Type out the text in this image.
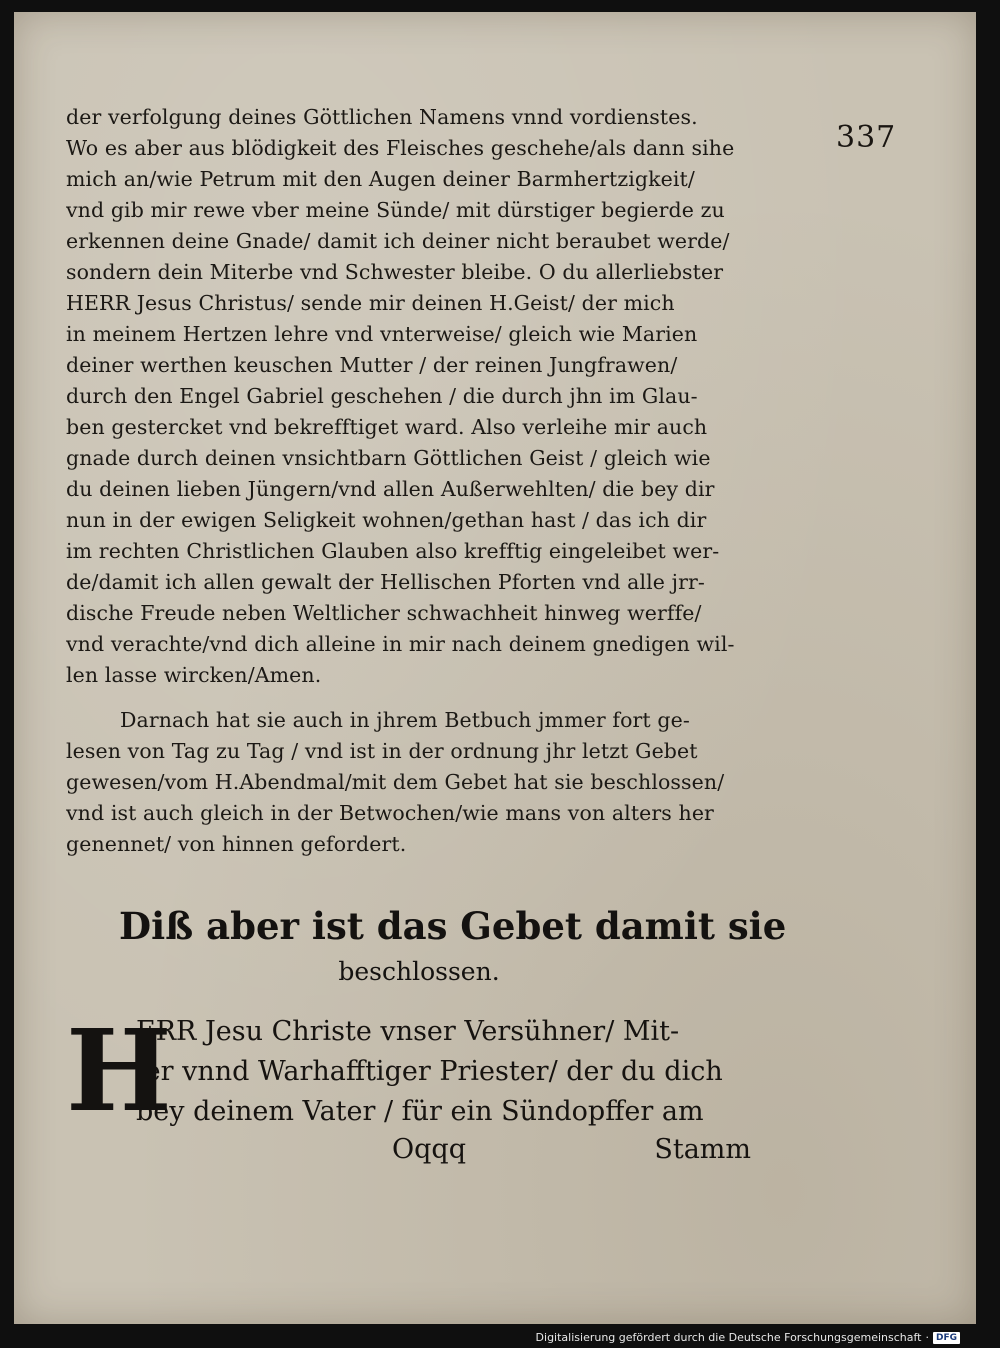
337
der verfolgung deines Göttlichen Namens vnnd vordienstes.
Wo es aber aus blödigkeit des Fleisches geschehe/als dann sihe
mich an/wie Petrum mit den Augen deiner Barmhertzigkeit/
vnd gib mir rewe vber meine Sünde/ mit dürstiger begierde zu
erkennen deine Gnade/ damit ich deiner nicht beraubet werde/
sondern dein Miterbe vnd Schwester bleibe. O du allerliebster
HERR Jesus Christus/ sende mir deinen H.Geist/ der mich
in meinem Hertzen lehre vnd vnterweise/ gleich wie Marien
deiner werthen keuschen Mutter / der reinen Jungfrawen/
durch den Engel Gabriel geschehen / die durch jhn im Glau-
ben gestercket vnd bekrefftiget ward. Also verleihe mir auch
gnade durch deinen vnsichtbarn Göttlichen Geist / gleich wie
du deinen lieben Jüngern/vnd allen Außerwehlten/ die bey dir
nun in der ewigen Seligkeit wohnen/gethan hast / das ich dir
im rechten Christlichen Glauben also krefftig eingeleibet wer-
de/damit ich allen gewalt der Hellischen Pforten vnd alle jrr-
dische Freude neben Weltlicher schwachheit hinweg werffe/
vnd verachte/vnd dich alleine in mir nach deinem gnedigen wil-
len lasse wircken/Amen.
Darnach hat sie auch in jhrem Betbuch jmmer fort ge-
lesen von Tag zu Tag / vnd ist in der ordnung jhr letzt Gebet
gewesen/vom H.Abendmal/mit dem Gebet hat sie beschlossen/
vnd ist auch gleich in der Betwochen/wie mans von alters her
genennet/ von hinnen gefordert.
Diß aber ist das Gebet damit sie
beschlossen.
H
ERR Jesu Christe vnser Versühner/ Mit-
ler vnnd Warhafftiger Priester/ der du dich
bey deinem Vater / für ein Sündopffer am
Oqqq	Stamm
Digitalisierung gefördert durch die Deutsche Forschungsgemeinschaft · DFG
